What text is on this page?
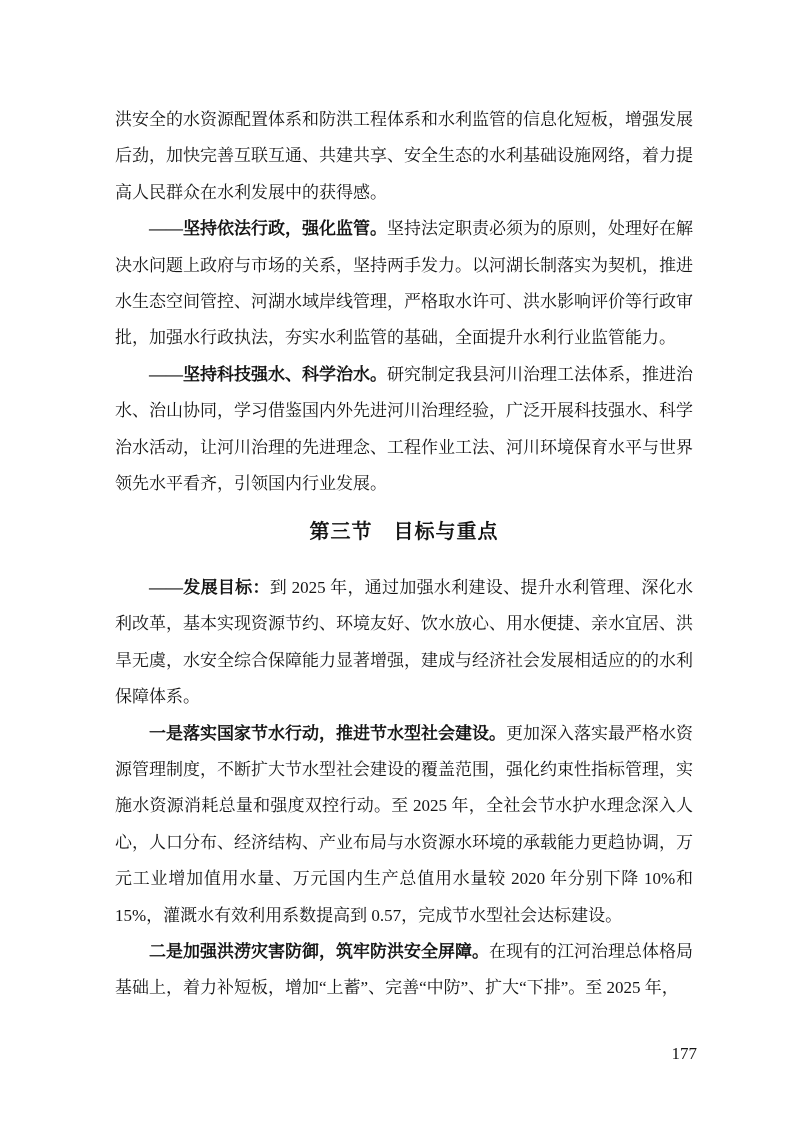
洪安全的水资源配置体系和防洪工程体系和水利监管的信息化短板，增强发展后劲，加快完善互联互通、共建共享、安全生态的水利基础设施网络，着力提高人民群众在水利发展中的获得感。

——坚持依法行政，强化监管。坚持法定职责必须为的原则，处理好在解决水问题上政府与市场的关系，坚持两手发力。以河湖长制落实为契机，推进水生态空间管控、河湖水域岸线管理，严格取水许可、洪水影响评价等行政审批，加强水行政执法，夯实水利监管的基础，全面提升水利行业监管能力。

——坚持科技强水、科学治水。研究制定我县河川治理工法体系，推进治水、治山协同，学习借鉴国内外先进河川治理经验，广泛开展科技强水、科学治水活动，让河川治理的先进理念、工程作业工法、河川环境保育水平与世界领先水平看齐，引领国内行业发展。

第三节　目标与重点

——发展目标：到 2025 年，通过加强水利建设、提升水利管理、深化水利改革，基本实现资源节约、环境友好、饮水放心、用水便捷、亲水宜居、洪旱无虞，水安全综合保障能力显著增强，建成与经济社会发展相适应的的水利保障体系。

一是落实国家节水行动，推进节水型社会建设。更加深入落实最严格水资源管理制度，不断扩大节水型社会建设的覆盖范围，强化约束性指标管理，实施水资源消耗总量和强度双控行动。至 2025 年，全社会节水护水理念深入人心，人口分布、经济结构、产业布局与水资源水环境的承载能力更趋协调，万元工业增加值用水量、万元国内生产总值用水量较 2020 年分别下降 10%和 15%，灌溉水有效利用系数提高到 0.57，完成节水型社会达标建设。

二是加强洪涝灾害防御，筑牢防洪安全屏障。在现有的江河治理总体格局基础上，着力补短板，增加“上蓄”、完善“中防”、扩大“下排”。至 2025 年，

177
